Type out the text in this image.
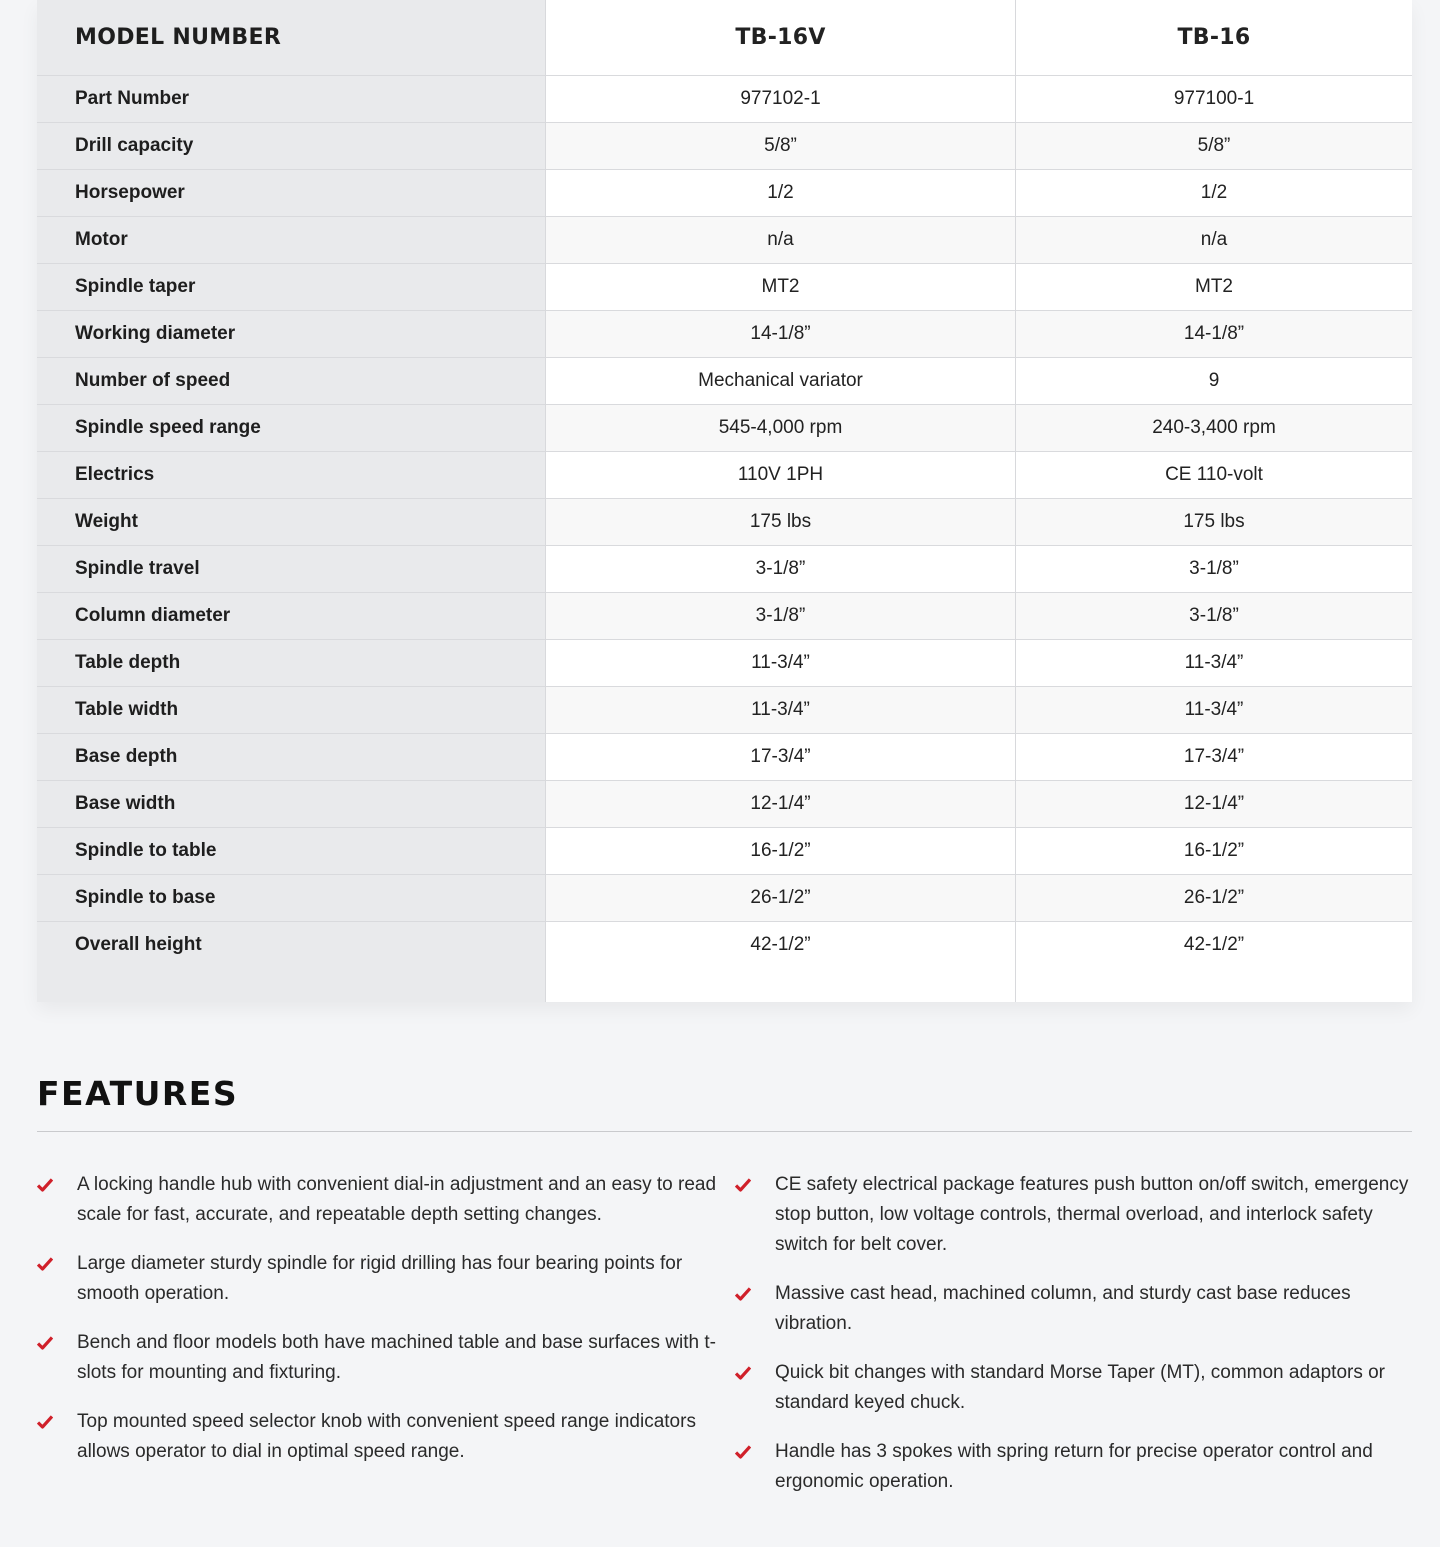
MODEL NUMBER
Part Number
Drill capacity
Horsepower
Motor
Spindle taper
Working diameter
Number of speed
Spindle speed range
Electrics
Weight
Spindle travel
Column diameter
Table depth
Table width
Base depth
Base width
Spindle to table
Spindle to base
Overall height
TB-16V
977102-1
5/8”
1/2
n/a
MT2
14-1/8”
Mechanical variator
545-4,000 rpm
110V 1PH
175 lbs
3-1/8”
3-1/8”
11-3/4”
11-3/4”
17-3/4”
12-1/4”
16-1/2”
26-1/2”
42-1/2”
TB-16
977100-1
5/8”
1/2
n/a
MT2
14-1/8”
9
240-3,400 rpm
CE 110-volt
175 lbs
3-1/8”
3-1/8”
11-3/4”
11-3/4”
17-3/4”
12-1/4”
16-1/2”
26-1/2”
42-1/2”
FEATURES
A locking handle hub with convenient dial-in adjustment and an easy to read scale for fast, accurate, and repeatable depth setting changes.
Large diameter sturdy spindle for rigid drilling has four bearing points for smooth operation.
Bench and floor models both have machined table and base surfaces with t-slots for mounting and fixturing.
Top mounted speed selector knob with convenient speed range indicators allows operator to dial in optimal speed range.
CE safety electrical package features push button on/off switch, emergency stop button, low voltage controls, thermal overload, and interlock safety switch for belt cover.
Massive cast head, machined column, and sturdy cast base reduces vibration.
Quick bit changes with standard Morse Taper (MT), common adaptors or standard keyed chuck.
Handle has 3 spokes with spring return for precise operator control and ergonomic operation.
